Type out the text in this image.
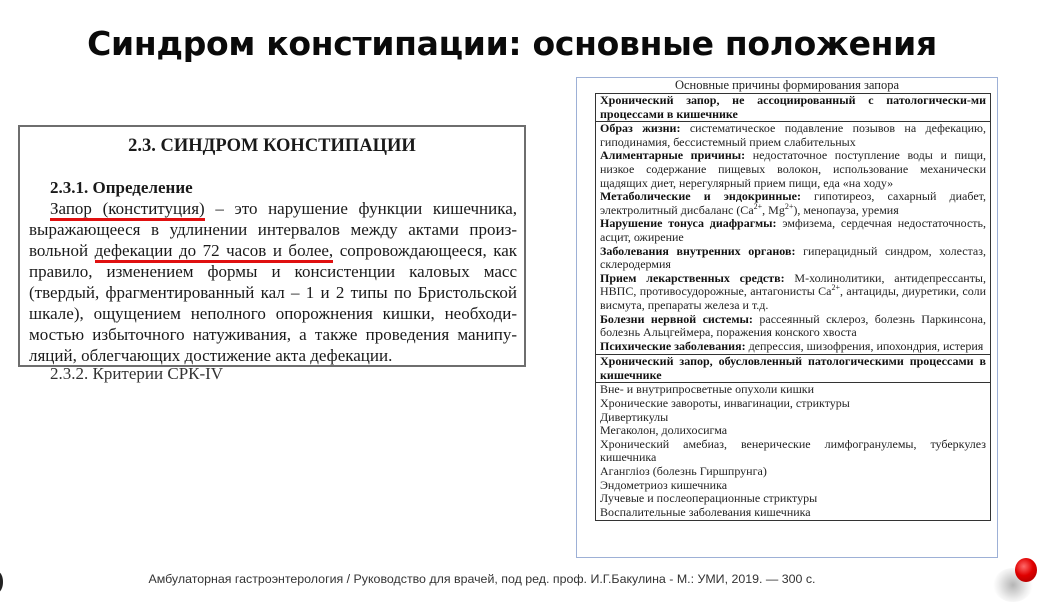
Синдром констипации: основные положения
2.3. СИНДРОМ КОНСТИПАЦИИ
2.3.1. Определение
Запор (конституция) – это нарушение функции кишечника,
выражающееся в удлинении интервалов между актами произ-
вольной дефекации до 72 часов и более, сопровождающееся, как
правило, изменением формы и консистенции каловых масс
(твердый, фрагментированный кал – 1 и 2 типы по Бристольской
шкале), ощущением неполного опорожнения кишки, необходи-
мостью избыточного натуживания, а также проведения манипу-
ляций, облегчающих достижение акта дефекации.
2.3.2. Критерии СРК-IV
Основные причины формирования запора
Хронический запор, не ассоциированный с патологически-ми процессами в кишечнике
Образ жизни: систематическое подавление позывов на дефекацию, гиподинамия, бессистемный прием слабительных
Алиментарные причины: недостаточное поступление воды и пищи, низкое содержание пищевых волокон, использование механически щадящих диет, нерегулярный прием пищи, еда «на ходу»
Метаболические и эндокринные: гипотиреоз, сахарный диабет, электролитный дисбаланс ($Ca^{2+}$, $Mg^{2+}$), менопауза, уремия
Нарушение тонуса диафрагмы: эмфизема, сердечная недостаточность, асцит, ожирение
Заболевания внутренних органов: гиперацидный синдром, холестаз, склеродермия
Прием лекарственных средств: М-холинолитики, антидепрессанты, НВПС, противосудорожные, антагонисты $Ca^{2+}$, антациды, диуретики, соли висмута, препараты железа и т.д.
Болезни нервной системы: рассеянный склероз, болезнь Паркинсона, болезнь Альцгеймера, поражения конского хвоста
Психические заболевания: депрессия, шизофрения, ипохондрия, истерия
Хронический запор, обусловленный патологическими процессами в кишечнике
Вне- и внутрипросветные опухоли кишки
Хронические завороты, инвагинации, стриктуры
Дивертикулы
Мегаколон, долихосигма
Хронический амебиаз, венерические лимфогранулемы, туберкулез кишечника
Агангліоз (болезнь Гиршпрунга)
Эндометриоз кишечника
Лучевые и послеоперационные стриктуры
Воспалительные заболевания кишечника
Амбулаторная гастроэнтерология / Руководство для врачей, под ред. проф. И.Г.Бакулина - М.: УМИ, 2019. — 300 с.
